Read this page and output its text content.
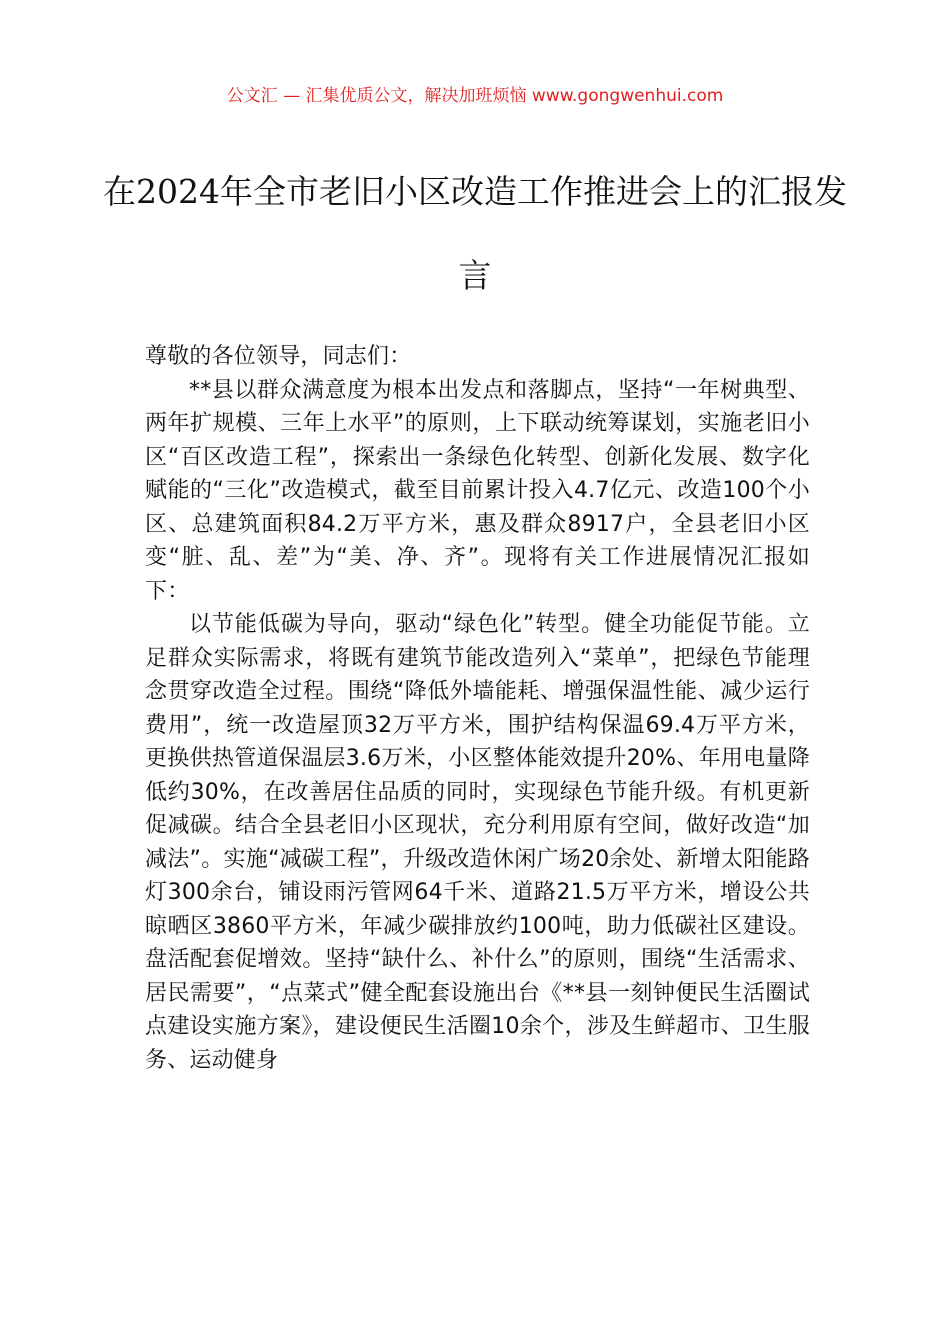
公文汇 — 汇集优质公文，解决加班烦恼 www.gongwenhui.com
在2024年全市老旧小区改造工作推进会上的汇报发言

尊敬的各位领导，同志们：

**县以群众满意度为根本出发点和落脚点，坚持“一年树典型、两年扩规模、三年上水平”的原则，上下联动统筹谋划，实施老旧小区“百区改造工程”，探索出一条绿色化转型、创新化发展、数字化赋能的“三化”改造模式，截至目前累计投入4.7亿元、改造100个小区、总建筑面积84.2万平方米，惠及群众8917户，全县老旧小区变“脏、乱、差”为“美、净、齐”。现将有关工作进展情况汇报如下：

以节能低碳为导向，驱动“绿色化”转型。健全功能促节能。立足群众实际需求，将既有建筑节能改造列入“菜单”，把绿色节能理念贯穿改造全过程。围绕“降低外墙能耗、增强保温性能、减少运行费用”，统一改造屋顶32万平方米，围护结构保温69.4万平方米，更换供热管道保温层3.6万米，小区整体能效提升20%、年用电量降低约30%，在改善居住品质的同时，实现绿色节能升级。有机更新促减碳。结合全县老旧小区现状，充分利用原有空间，做好改造“加减法”。实施“减碳工程”，升级改造休闲广场20余处、新增太阳能路灯300余台，铺设雨污管网64千米、道路21.5万平方米，增设公共晾晒区3860平方米，年减少碳排放约100吨，助力低碳社区建设。盘活配套促增效。坚持“缺什么、补什么”的原则，围绕“生活需求、居民需要”，“点菜式”健全配套设施出台《**县一刻钟便民生活圈试点建设实施方案》，建设便民生活圈10余个，涉及生鲜超市、卫生服务、运动健身
